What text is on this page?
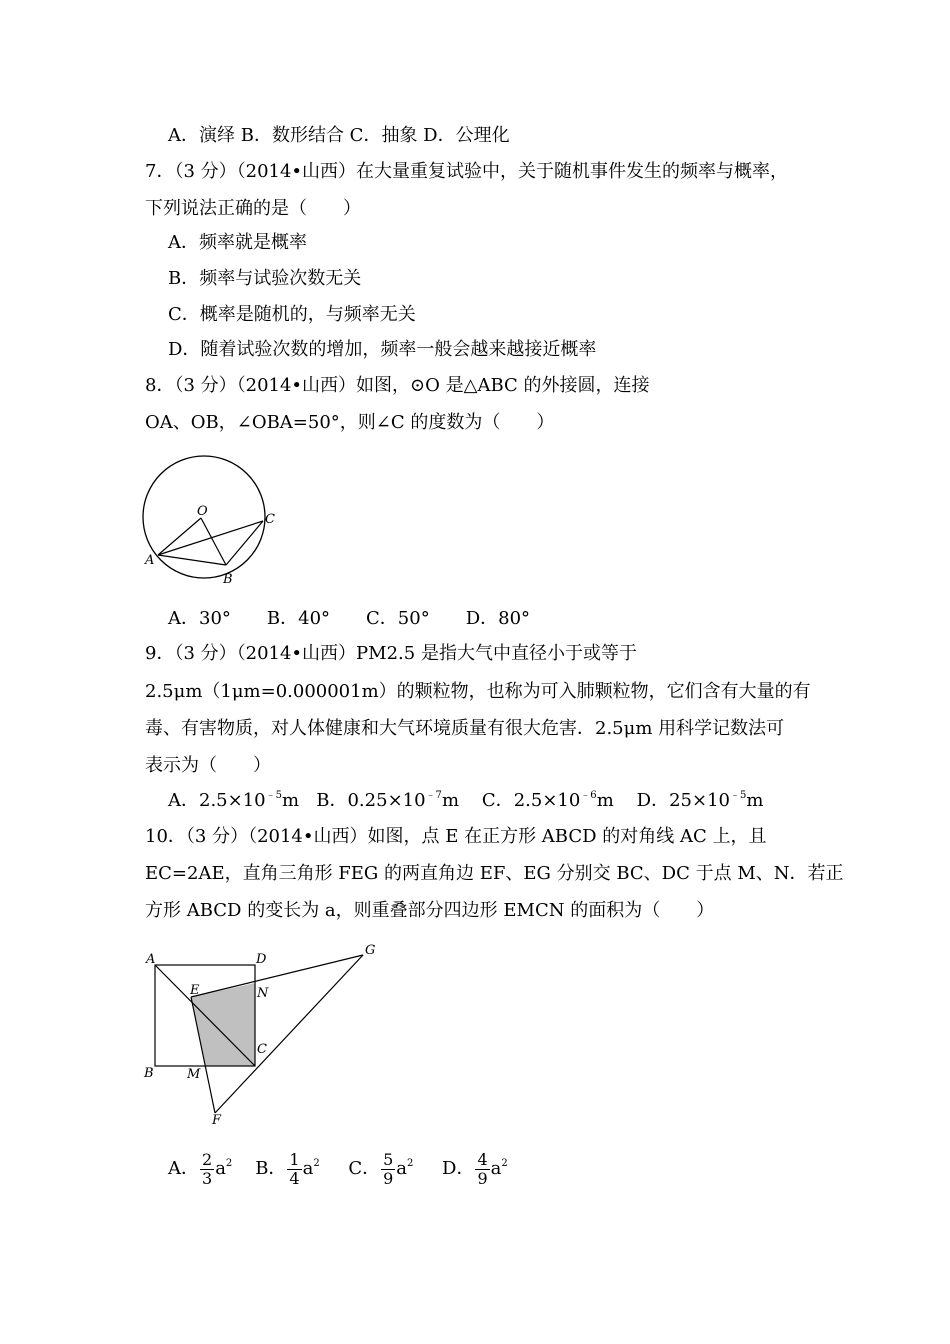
A．演绎 B．数形结合 C．抽象 D．公理化
7．（3 分）（2014•山西）在大量重复试验中，关于随机事件发生的频率与概率，
下列说法正确的是（　　）
A．频率就是概率
B．频率与试验次数无关
C．概率是随机的，与频率无关
D．随着试验次数的增加，频率一般会越来越接近概率
8．（3 分）（2014•山西）如图，⊙O 是△ABC 的外接圆，连接
OA、OB，∠OBA=50°，则∠C 的度数为（　　）
O
A
B
C
A．30°　　B．40°　　C．50°　　D．80°
9．（3 分）（2014•山西）PM2.5 是指大气中直径小于或等于
2.5μm（1μm=0.000001m）的颗粒物，也称为可入肺颗粒物，它们含有大量的有
毒、有害物质，对人体健康和大气环境质量有很大危害．2.5μm 用科学记数法可
表示为（　　）
A．$2.5\times 10^{﹣5}m$ B．$0.25\times 10^{﹣7}m$ C．$2.5\times 10^{﹣6}m$ D．$25\times 10^{﹣5}m$
10．（3 分）（2014•山西）如图，点 E 在正方形 ABCD 的对角线 AC 上，且
EC=2AE，直角三角形 FEG 的两直角边 EF、EG 分别交 BC、DC 于点 M、N．若正
方形 ABCD 的变长为 a，则重叠部分四边形 EMCN 的面积为（　　）
A	D
G
E	N
C
B	M
F
A． $\frac{2}{3} a^2$ B． $\frac{1}{4} a^2$ C． $\frac{5}{9} a^2$ D． $\frac{4}{9} a^2$
